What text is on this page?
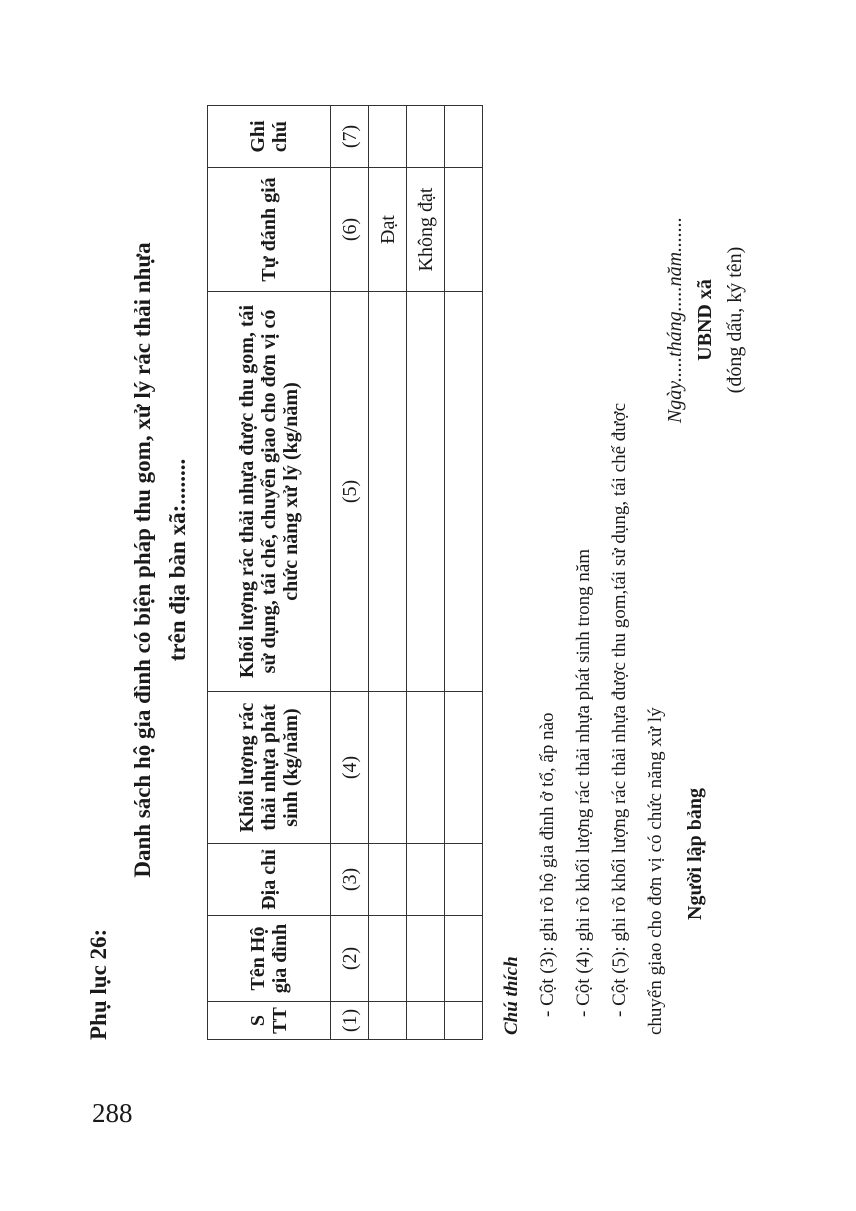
288
Phụ lục 26:
Danh sách hộ gia đình có biện pháp thu gom, xử lý rác thải nhựa trên địa bàn xã:........
S TT	Tên Hộ gia đình	Địa chỉ	Khối lượng rác thải nhựa phát sinh (kg/năm)	Khối lượng rác thải nhựa được thu gom, tái sử dụng, tái chế, chuyển giao cho đơn vị có chức năng xử lý (kg/năm)	Tự đánh giá	Ghi chú
(1)	(2)	(3)	(4)	(5)	(6)	(7)
					Đạt	
					Không đạt	

Chú thích - Cột (3): ghi rõ hộ gia đình ở tổ, ấp nào - Cột (4): ghi rõ khối lượng rác thải nhựa phát sinh trong năm - Cột (5): ghi rõ khối lượng rác thải nhựa được thu gom,tái sử dụng, tái chế được chuyển giao cho đơn vị có chức năng xử lý Người lập bảng
Ngày.....tháng.....năm....... UBND xã (đóng dấu, ký tên)
